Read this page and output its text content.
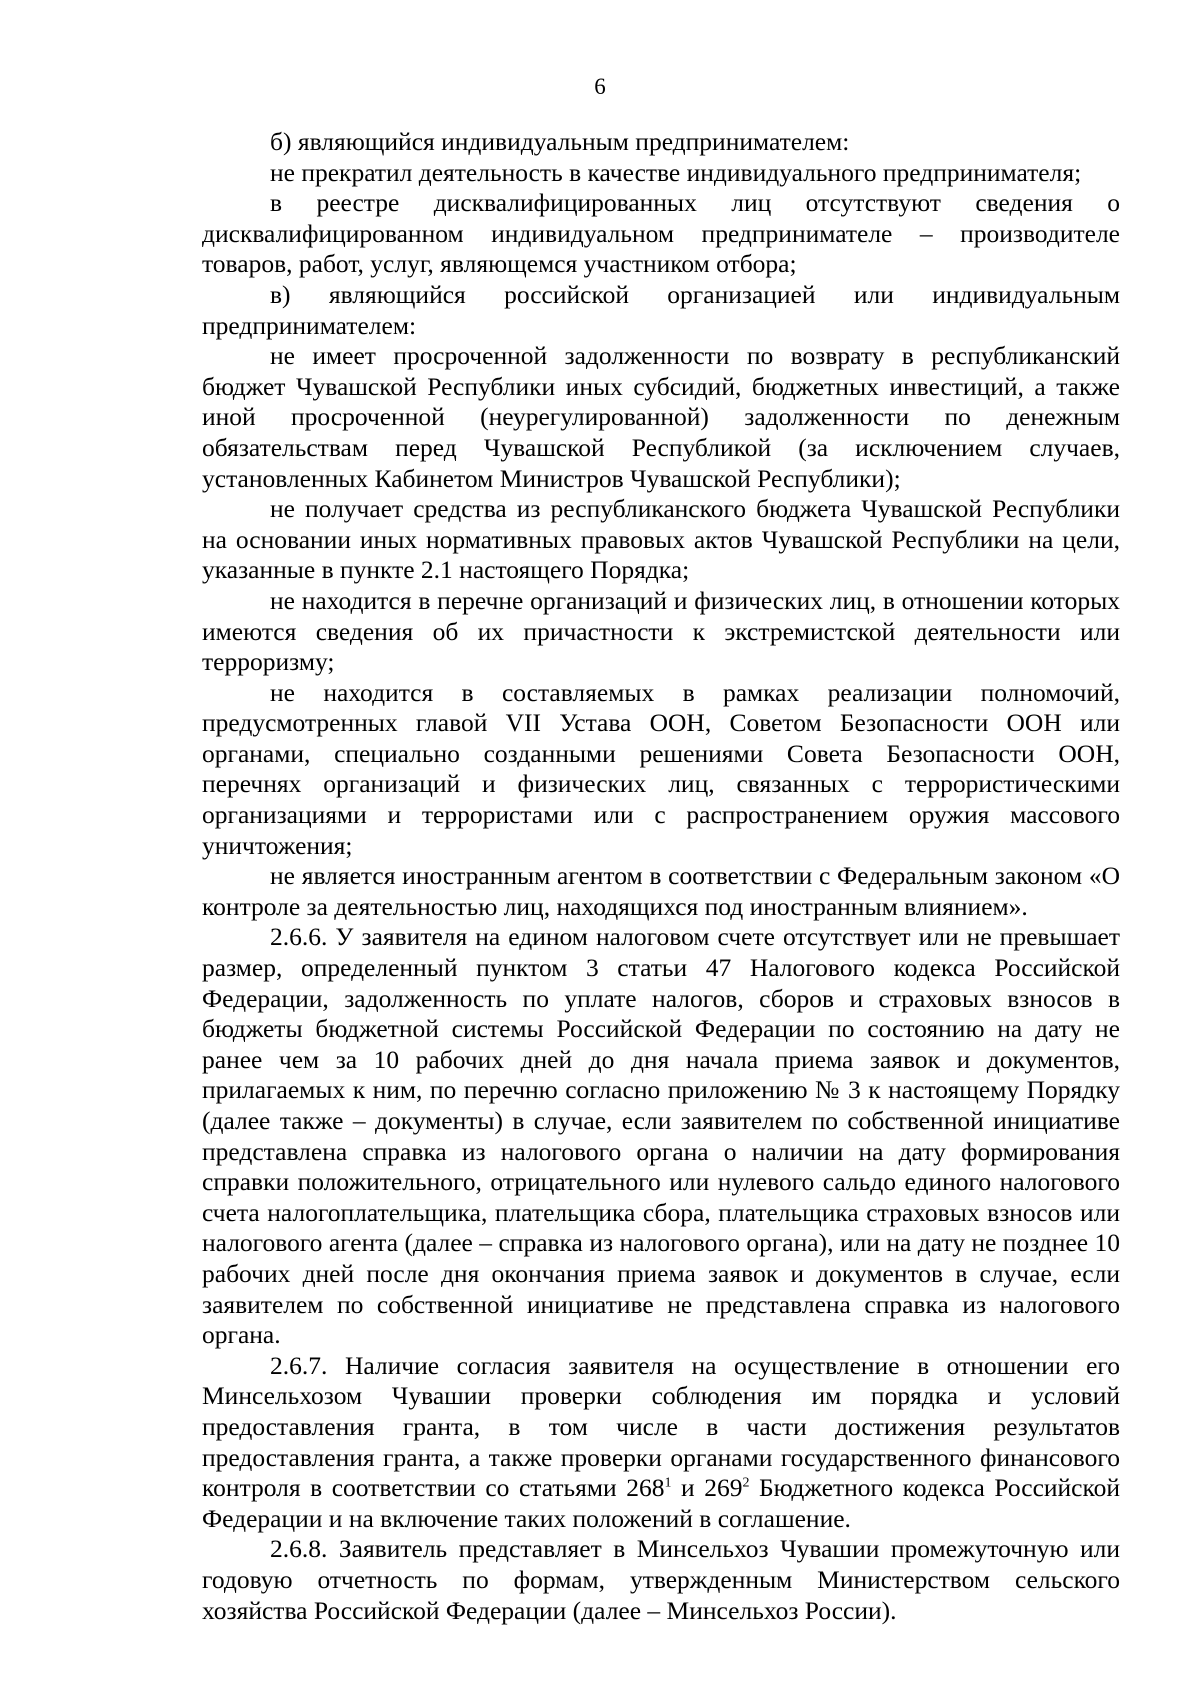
6

б) являющийся индивидуальным предпринимателем:

не прекратил деятельность в качестве индивидуального предпринимателя;

в реестре дисквалифицированных лиц отсутствуют сведения о дисквалифицированном индивидуальном предпринимателе – производителе товаров, работ, услуг, являющемся участником отбора;

в) являющийся российской организацией или индивидуальным предпринимателем:

не имеет просроченной задолженности по возврату в республиканский бюджет Чувашской Республики иных субсидий, бюджетных инвестиций, а также иной просроченной (неурегулированной) задолженности по денежным обязательствам перед Чувашской Республикой (за исключением случаев, установленных Кабинетом Министров Чувашской Республики);

не получает средства из республиканского бюджета Чувашской Республики на основании иных нормативных правовых актов Чувашской Республики на цели, указанные в пункте 2.1 настоящего Порядка;

не находится в перечне организаций и физических лиц, в отношении которых имеются сведения об их причастности к экстремистской деятельности или терроризму;

не находится в составляемых в рамках реализации полномочий, предусмотренных главой VII Устава ООН, Советом Безопасности ООН или органами, специально созданными решениями Совета Безопасности ООН, перечнях организаций и физических лиц, связанных с террористическими организациями и террористами или с распространением оружия массового уничтожения;

не является иностранным агентом в соответствии с Федеральным законом «О контроле за деятельностью лиц, находящихся под иностранным влиянием».

2.6.6. У заявителя на едином налоговом счете отсутствует или не превышает размер, определенный пунктом 3 статьи 47 Налогового кодекса Российской Федерации, задолженность по уплате налогов, сборов и страховых взносов в бюджеты бюджетной системы Российской Федерации по состоянию на дату не ранее чем за 10 рабочих дней до дня начала приема заявок и документов, прилагаемых к ним, по перечню согласно приложению № 3 к настоящему Порядку (далее также – документы) в случае, если заявителем по собственной инициативе представлена справка из налогового органа о наличии на дату формирования справки положительного, отрицательного или нулевого сальдо единого налогового счета налогоплательщика, плательщика сбора, плательщика страховых взносов или налогового агента (далее – справка из налогового органа), или на дату не позднее 10 рабочих дней после дня окончания приема заявок и документов в случае, если заявителем по собственной инициативе не представлена справка из налогового органа.

2.6.7. Наличие согласия заявителя на осуществление в отношении его Минсельхозом Чувашии проверки соблюдения им порядка и условий предоставления гранта, в том числе в части достижения результатов предоставления гранта, а также проверки органами государственного финансового контроля в соответствии со статьями $268^1$ и $269^2$ Бюджетного кодекса Российской Федерации и на включение таких положений в соглашение.

2.6.8. Заявитель представляет в Минсельхоз Чувашии промежуточную или годовую отчетность по формам, утвержденным Министерством сельского хозяйства Российской Федерации (далее – Минсельхоз России).
